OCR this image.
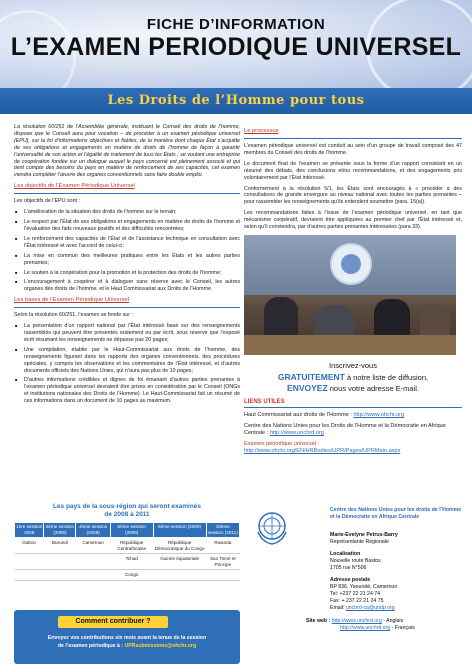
FICHE D’INFORMATION
L’EXAMEN PERIODIQUE UNIVERSEL
Les Droits de l’Homme pour tous

La résolution 60/251 de l’Assemblée générale, instituant le Conseil des droits de l’homme, dispose que le Conseil aura pour vocation – de procéder à un examen périodique universel (EPU), sur la foi d’informations objectives et fiables, de la manière dont chaque État s’acquitte de ses obligations et engagements en matière de droits de l’homme de façon à garantir l’universalité de son action et l’égalité de traitement de tous les États ; se voulant une entreprise de coopération fondée sur un dialogue auquel le pays concerné est pleinement associé et qui tient compte des besoins du pays en matière de renforcement de ses capacités, cet examen viendra compléter l’œuvre des organes conventionnels sans faire double emploi.

Les objectifs de l’Examen Périodique Universel

Les objectifs de l’EPU sont :

■ L’amélioration de la situation des droits de l’homme sur le terrain;
■ Le respect par l’État de ses obligations et engagements en matière de droits de l’homme et l’évaluation des faits nouveaux positifs et des difficultés rencontrées;
■ Le renforcement des capacités de l’État et de l’assistance technique en consultation avec l’État intéressé et avec l’accord de celui-ci;
■ La mise en commun des meilleures pratiques entre les États et les autres parties prenantes;
■ Le soutien à la coopération pour la promotion et la protection des droits de l’homme;
■ L’encouragement à coopérer et à dialoguer sans réserve avec le Conseil, les autres organes des droits de l’homme, et le Haut Commissariat aux Droits de l’Homme.
Les bases de l’Examen Périodique Universel

Selon la résolution 60/251, l’examen se fonde sur :

■ La présentation d’un rapport national par l’État intéressé basé sur des renseignements rassemblés qui peuvent être présentés oralement ou par écrit, sous réserve que l’exposé écrit résumant les renseignements ne dépasse pas 20 pages;
■ Une compilation, établie par le Haut-Commissariat aux droits de l’homme, des renseignements figurant dans les rapports des organes conventionnels, des procédures spéciales, y compris les observations et les commentaires de l’État intéressé, et d’autres documents officiels des Nations Unies, qui n’aura pas plus de 10 pages;
■ D’autres informations crédibles et dignes de foi émanant d’autres parties prenantes à l’examen périodique universel devraient être prises en considération par le Conseil (ONGs et institutions nationales des Droits de l’Homme). Le Haut-Commissariat fait un résumé de ces informations dans un document de 10 pages au maximum.
Le processus

L’examen périodique universel est conduit au sein d’un groupe de travail composé des 47 membres du Conseil des droits de l’homme.

Le document final de l’examen se présente sous la forme d’un rapport consistant en un résumé des débats, des conclusions et/ou recommandations, et des engagements pris volontairement par l’État intéressé.

Conformément à la résolution 5/1, les États sont encouragés à « procéder à des consultations de grande envergure au niveau national avec toutes les parties prenantes – pour rassembler les renseignements qu’ils entendent soumettre (para. 15(a)).

Les recommandations faites à l’issue de l’examen périodique universel, en tant que mécanisme coopératif, devraient être appliquées au premier chef par l’État intéressé et, selon qu’il conviendra, par d’autres parties prenantes intéressées (para 33).

Inscrivez-vous
GRATUITEMENT à notre liste de diffusion,
ENVOYEZ nous votre adresse E-mail.
LIENS UTILES
Haut Commissariat aux droits de l’Homme : http://www.ohchr.org
Centre des Nations Unies pour les Droits de l’Homme et la Démocratie en Afrique Centrale : http://www.unchrd.org
Examen périodique universel : http://www.ohchr.org/EN/HRBodies/UPR/Pages/UPRMain.aspx
Les pays de la sous-région qui seront examinés
de 2008 à 2011
1ère session 2008	2ème session (2008)	4ème session (2009)	5ème session (2009)	6ème session (2009)	10ème session (2011)
Gabon	Burundi	Cameroun	République Centrafricaine	République Démocratique du Congo	Rwanda
			Tchad	Guinée équatoriale	Sao Tomé et Principe
			Congo		
Comment contribuer ?
Envoyez vos contributions six mois avant la tenue de la session
de l’examen périodique à : UPRsubmissions@ohchr.org
Centre des Nations Unies pour les droits de l’Homme et la Démocratie en Afrique Centrale
Marie-Evelyne Petrus-Barry
Représentante Régionale
Localisation
Nouvelle route Bastos
1705 rue N°506
Adresse postale
BP 836, Yaoundé, Cameroun
Tel: +237 22 21 24 74
Fax: + 237 22 21 24 75
Email: unchrd-ca@undp.org
Site web : http://www.unchrd.org - Anglais
http://www.unchrd.org - Français
